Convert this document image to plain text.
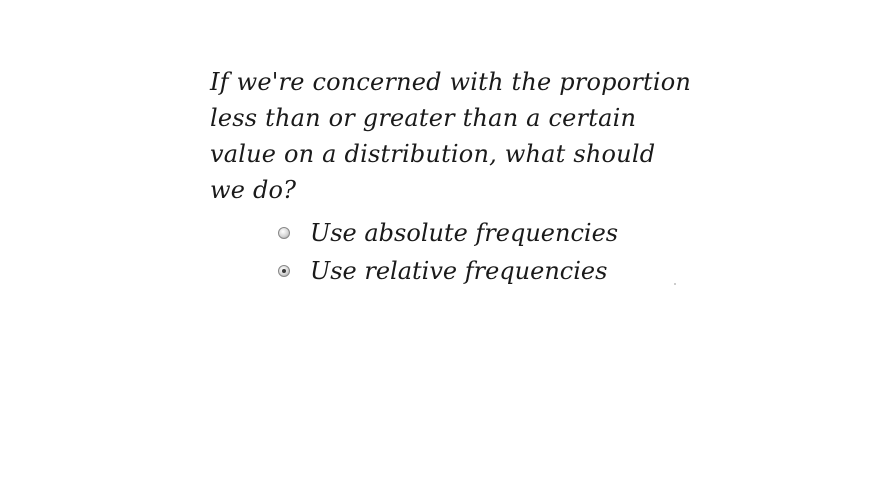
If we're concerned with the proportion
less than or greater than a certain
value on a distribution, what should
we do?
Use absolute frequencies
Use relative frequencies
